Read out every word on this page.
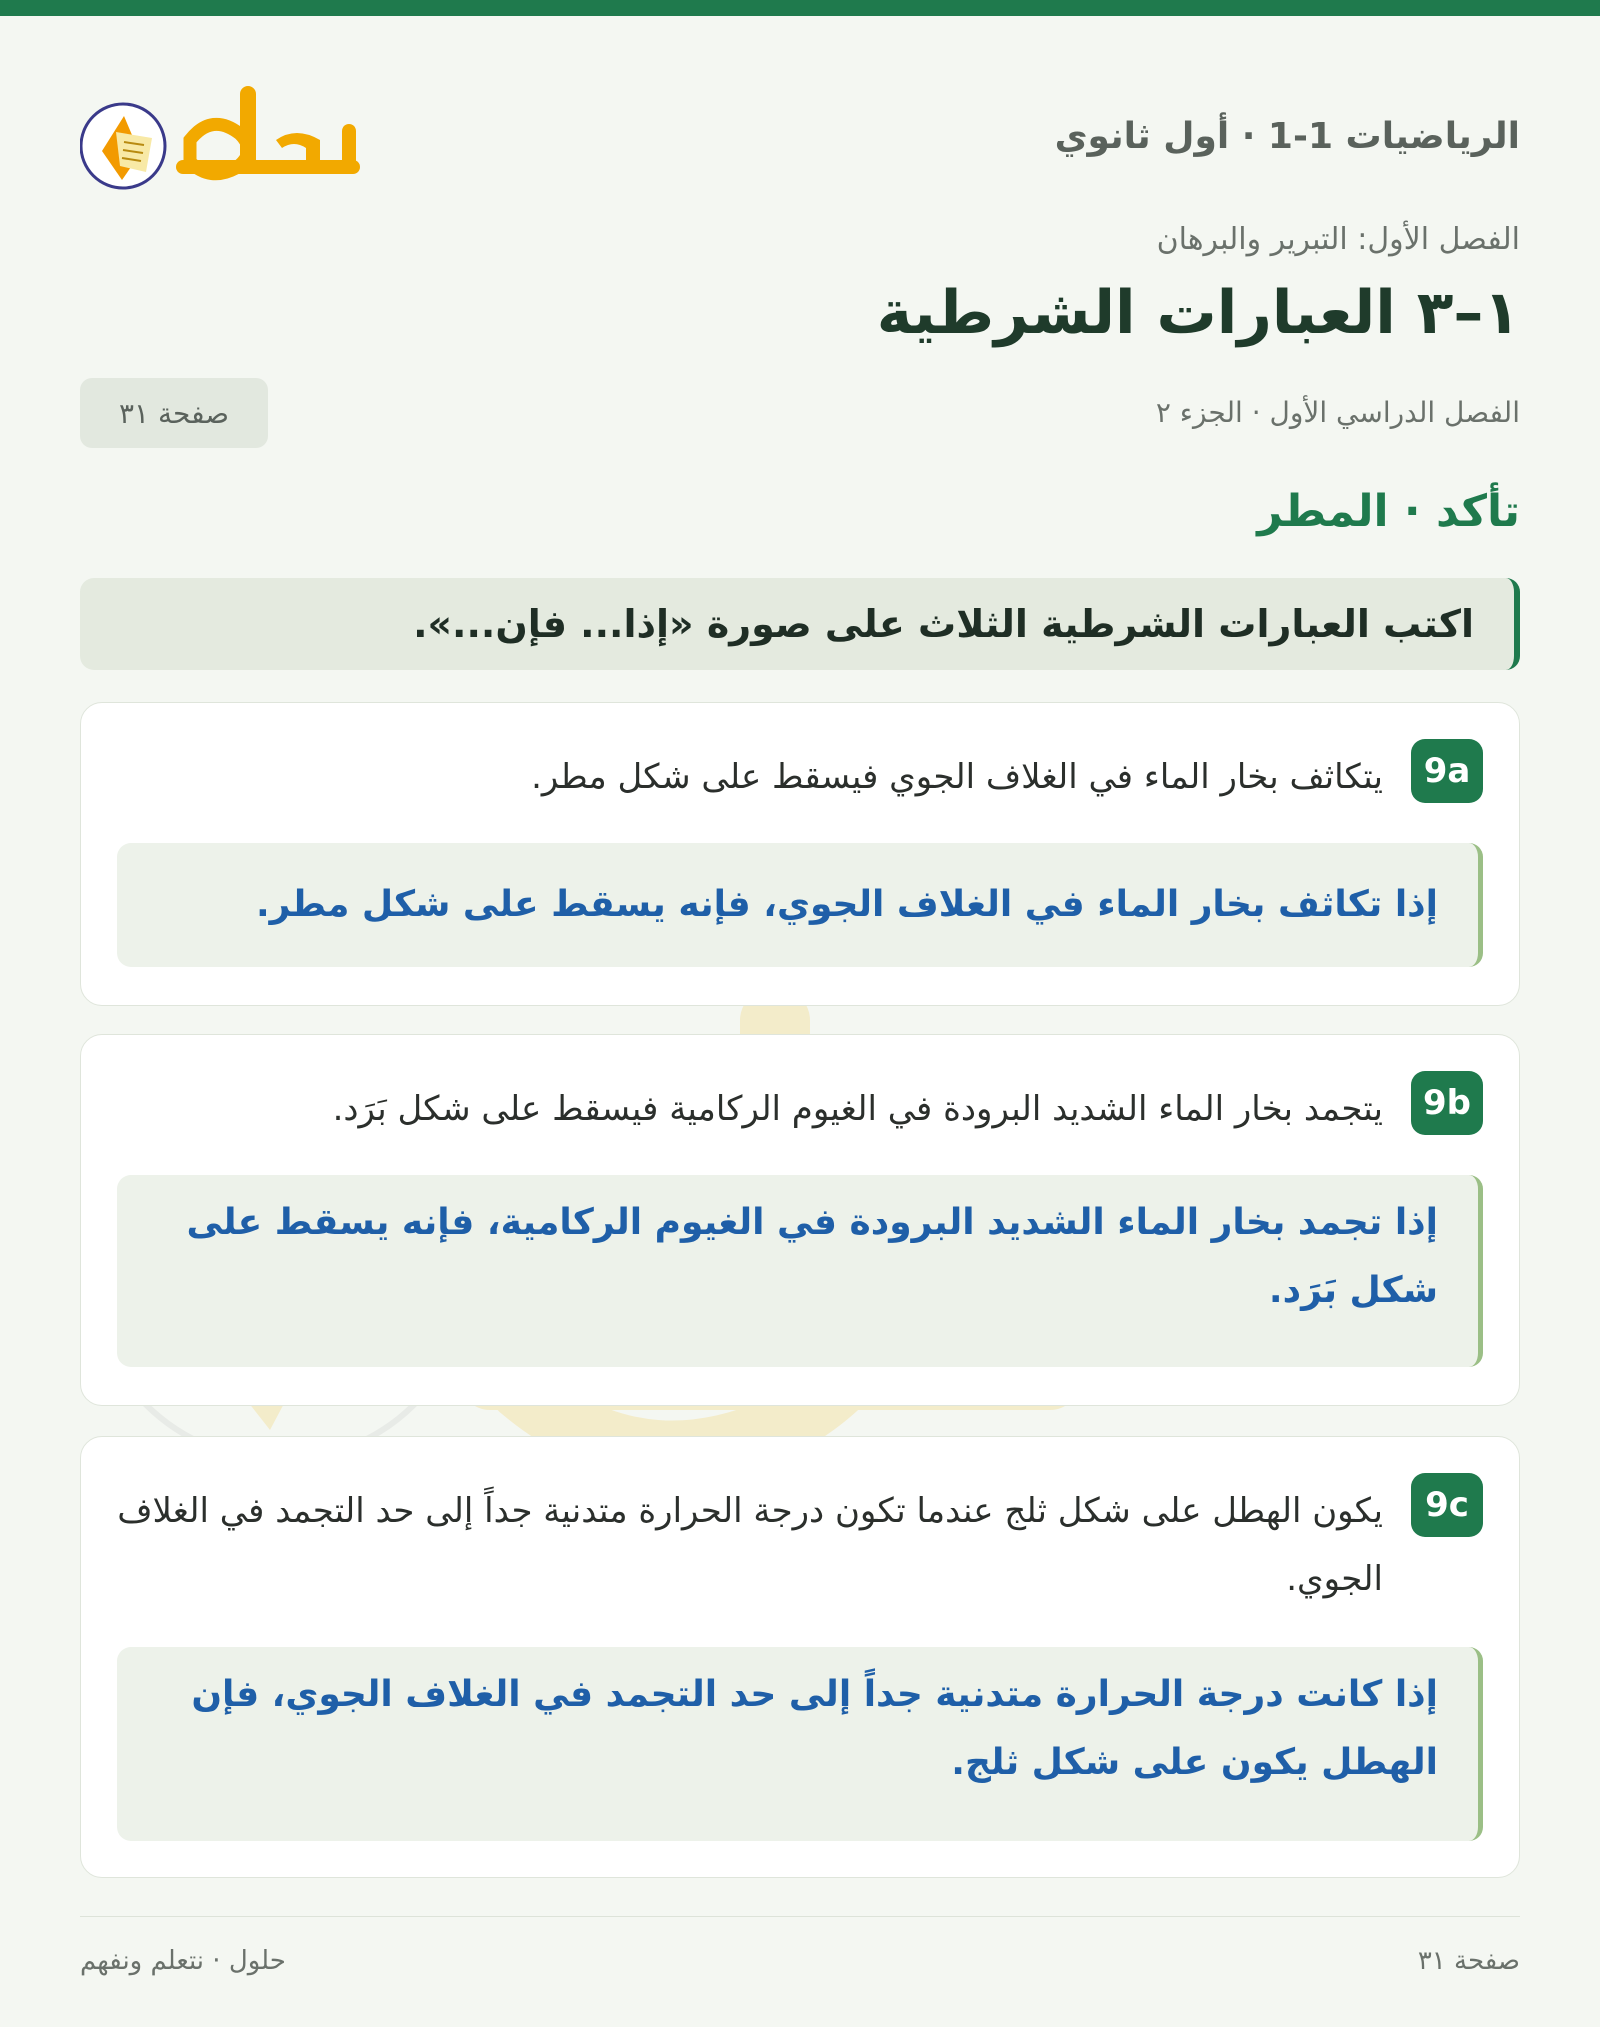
الرياضيات 1-1 · أول ثانوي
الفصل الأول: التبرير والبرهان
١–٣ العبارات الشرطية
الفصل الدراسي الأول · الجزء ٢
صفحة ٣١
تأكد · المطر
اكتب العبارات الشرطية الثلاث على صورة «إذا... فإن...».
9a
يتكاثف بخار الماء في الغلاف الجوي فيسقط على شكل مطر.
إذا تكاثف بخار الماء في الغلاف الجوي، فإنه يسقط على شكل مطر.
9b
يتجمد بخار الماء الشديد البرودة في الغيوم الركامية فيسقط على شكل بَرَد.
إذا تجمد بخار الماء الشديد البرودة في الغيوم الركامية، فإنه يسقط على شكل بَرَد.
9c
يكون الهطل على شكل ثلج عندما تكون درجة الحرارة متدنية جداً إلى حد التجمد في الغلاف الجوي.
إذا كانت درجة الحرارة متدنية جداً إلى حد التجمد في الغلاف الجوي، فإن الهطل يكون على شكل ثلج.
صفحة ٣١
حلول · نتعلم ونفهم
